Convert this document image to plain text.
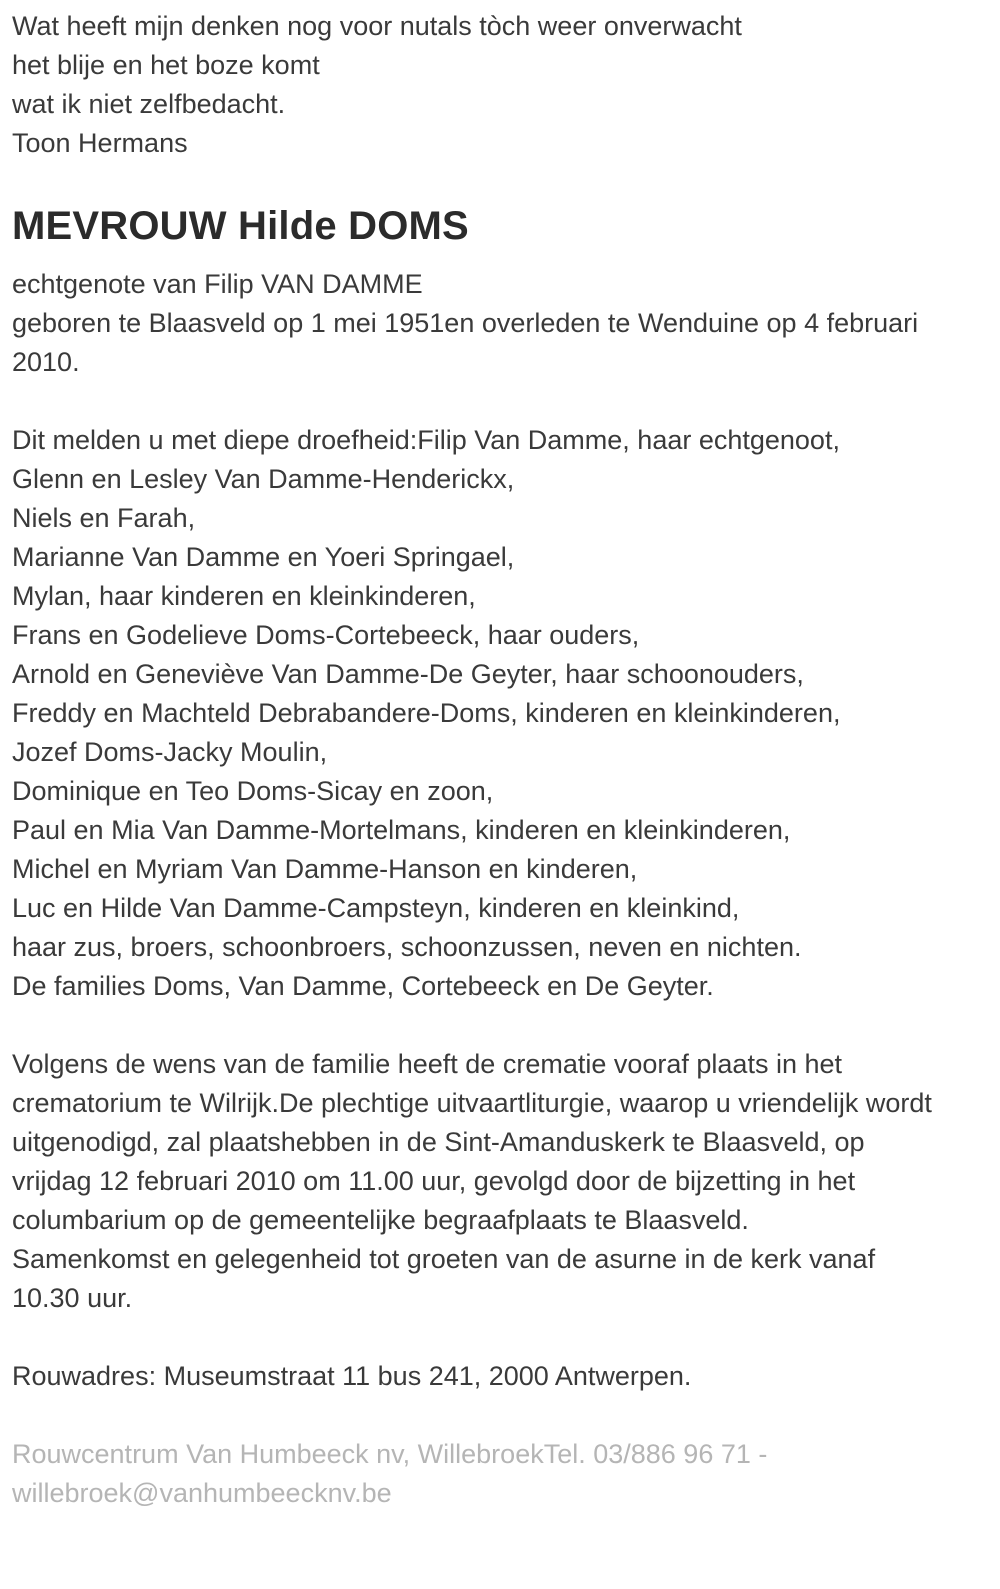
Wat heeft mijn denken nog voor nutals tòch weer onverwacht

het blije en het boze komt

wat ik niet zelfbedacht.

Toon Hermans

MEVROUW Hilde DOMS

echtgenote van Filip VAN DAMME

geboren te Blaasveld op 1 mei 1951en overleden te Wenduine op 4 februari 2010.

Dit melden u met diepe droefheid:Filip Van Damme, haar echtgenoot,

Glenn en Lesley Van Damme-Henderickx,

Niels en Farah,

Marianne Van Damme en Yoeri Springael,

Mylan, haar kinderen en kleinkinderen,

Frans en Godelieve Doms-Cortebeeck, haar ouders,

Arnold en Geneviève Van Damme-De Geyter, haar schoonouders,

Freddy en Machteld Debrabandere-Doms, kinderen en kleinkinderen,

Jozef Doms-Jacky Moulin,

Dominique en Teo Doms-Sicay en zoon,

Paul en Mia Van Damme-Mortelmans, kinderen en kleinkinderen,

Michel en Myriam Van Damme-Hanson en kinderen,

Luc en Hilde Van Damme-Campsteyn, kinderen en kleinkind,

haar zus, broers, schoonbroers, schoonzussen, neven en nichten.

De families Doms, Van Damme, Cortebeeck en De Geyter.

Volgens de wens van de familie heeft de crematie vooraf plaats in het crematorium te Wilrijk.De plechtige uitvaartliturgie, waarop u vriendelijk wordt uitgenodigd, zal plaatshebben in de Sint-Amanduskerk te Blaasveld, op vrijdag 12 februari 2010 om 11.00 uur, gevolgd door de bijzetting in het columbarium op de gemeentelijke begraafplaats te Blaasveld.

Samenkomst en gelegenheid tot groeten van de asurne in de kerk vanaf 10.30 uur.

Rouwadres: Museumstraat 11 bus 241, 2000 Antwerpen.

Rouwcentrum Van Humbeeck nv, WillebroekTel. 03/886 96 71 - willebroek@vanhumbeecknv.be
